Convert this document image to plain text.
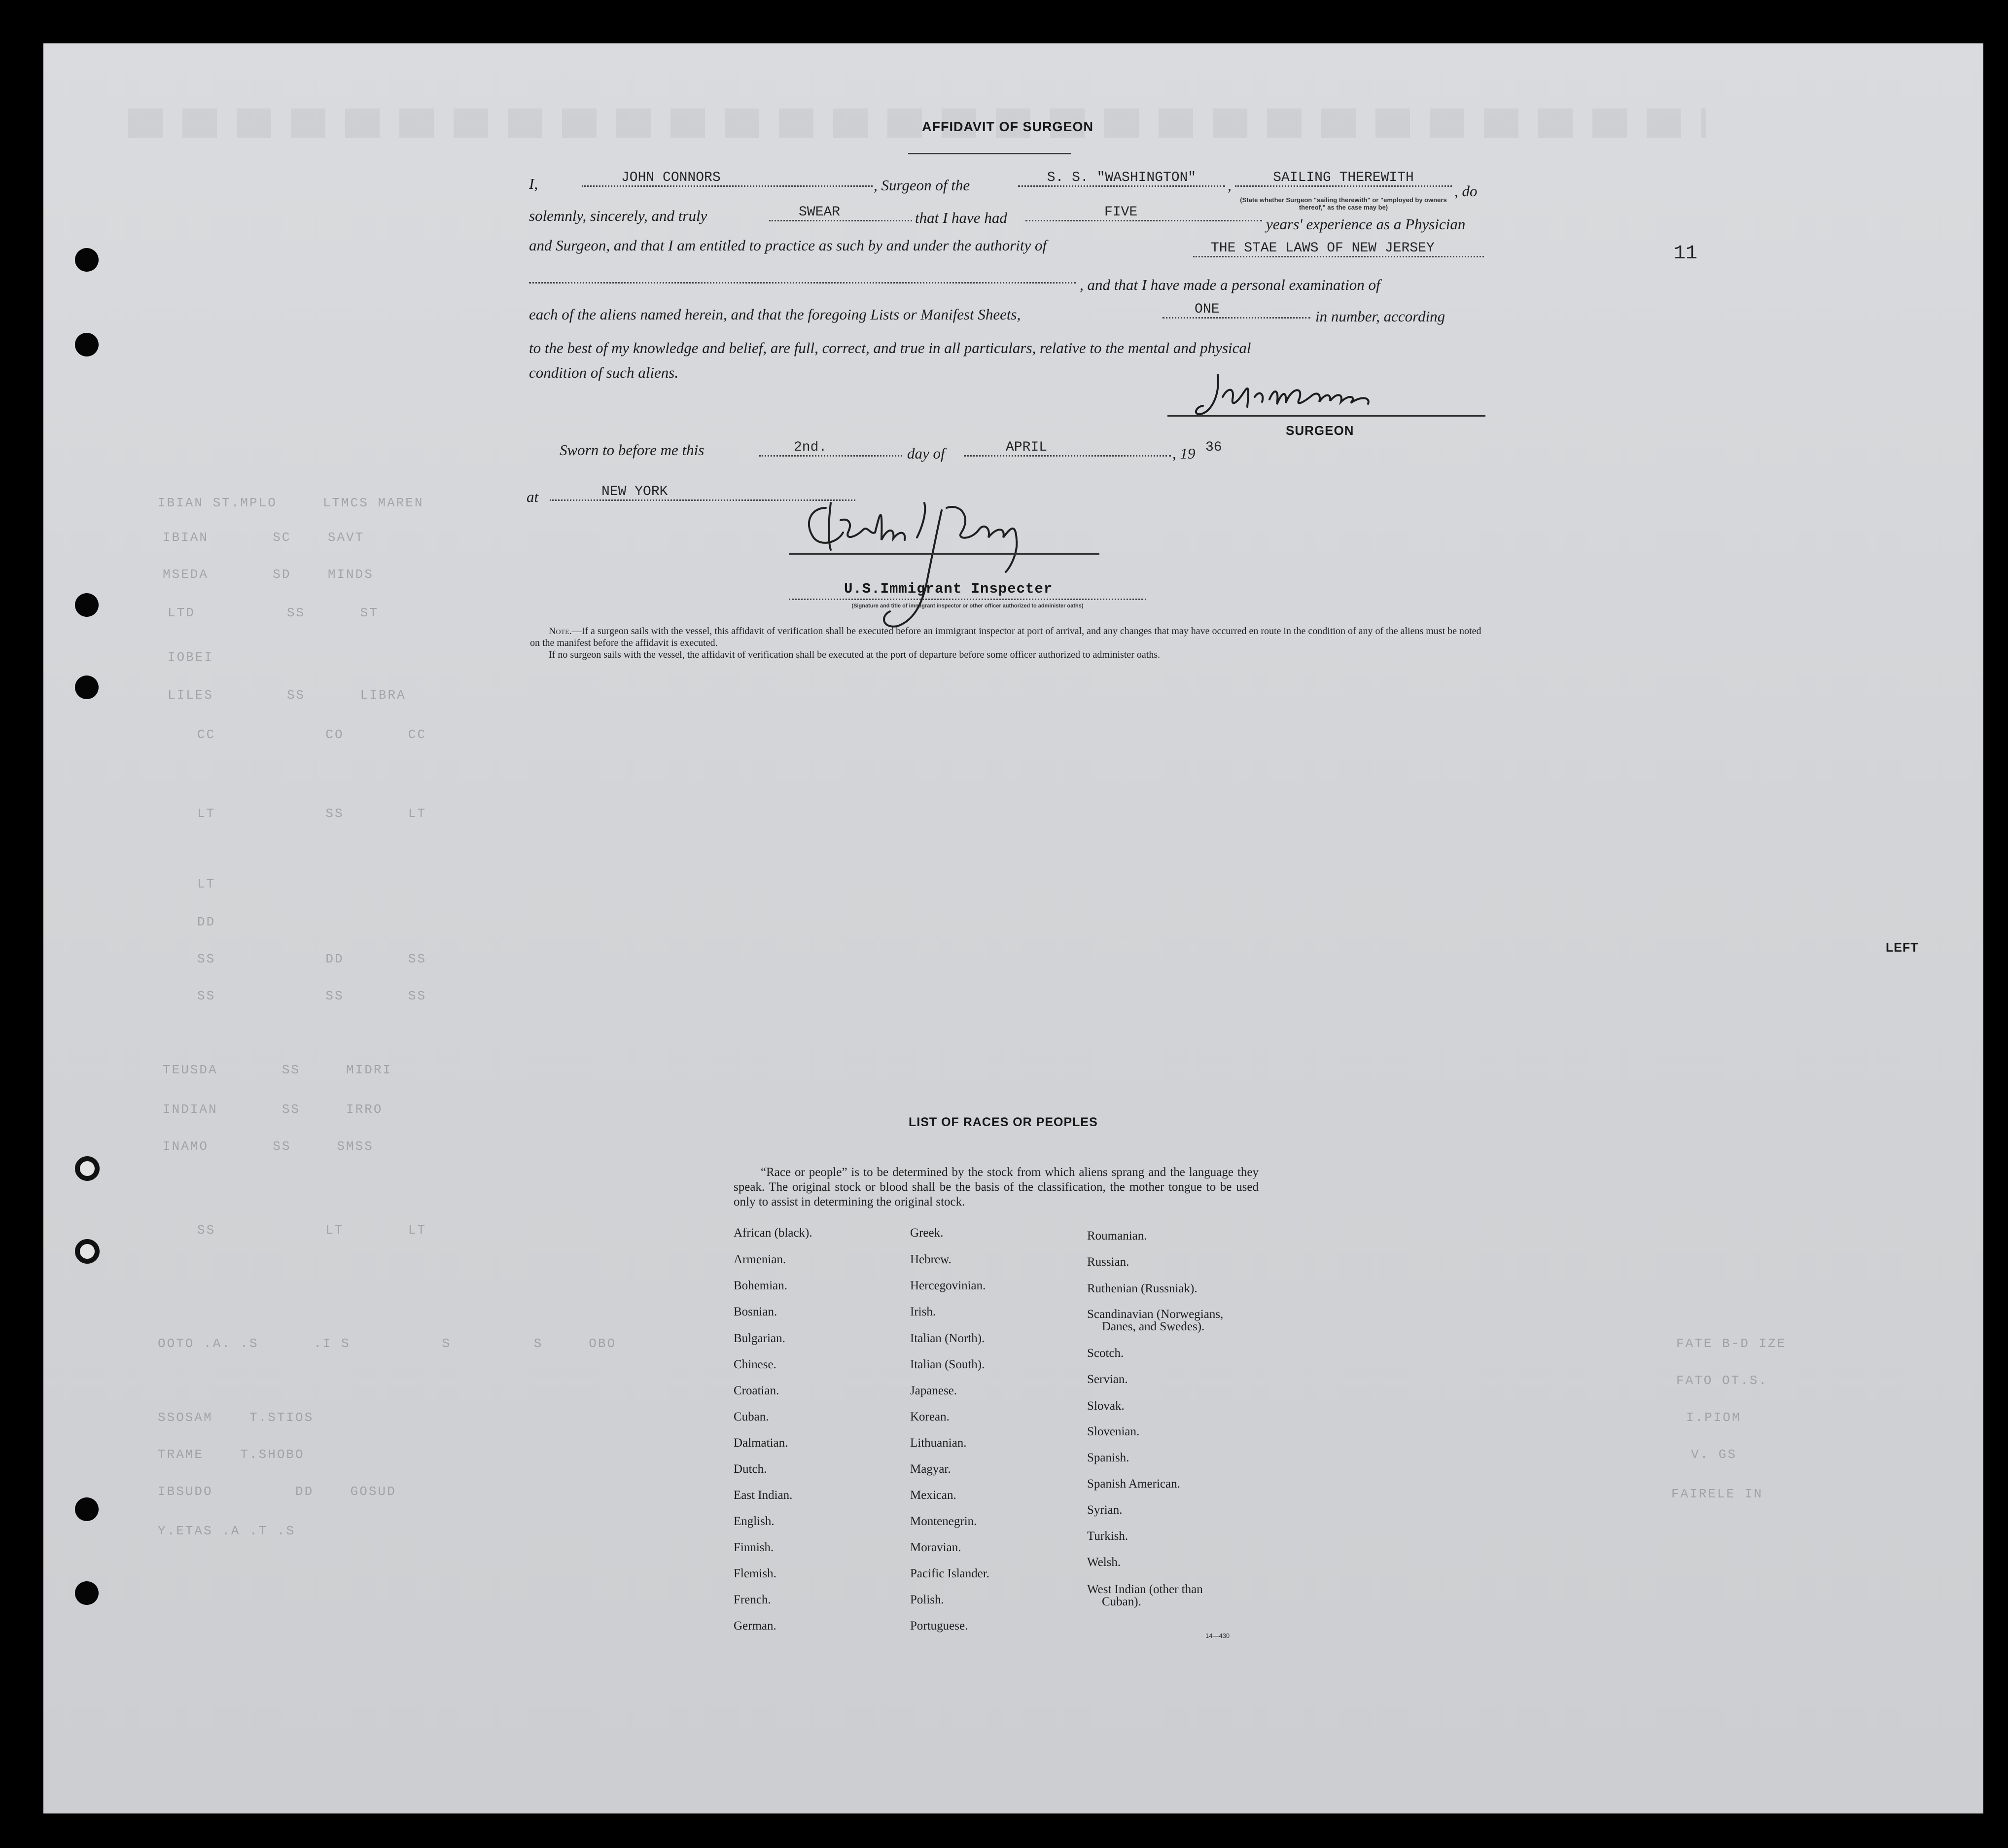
IBIAN ST.MPLO     LTMCS MAREN
IBIAN       SC    SAVT
MSEDA       SD    MINDS
LTD          SS      ST
IOBEI
LILES        SS      LIBRA
CC            CO       CC
LT            SS       LT
LT
DD
SS            DD       SS
SS            SS       SS
TEUSDA       SS     MIDRI
INDIAN       SS     IRRO
INAMO       SS     SMSS
SS            LT       LT
OOTO .A. .S      .I S          S         S     OBO
SSOSAM    T.STIOS
TRAME    T.SHOBO
IBSUDO         DD    GOSUD
Y.ETAS .A .T .S
FATE B-D IZE
FATO OT.S.
I.PIOM
V. GS
FAIRELE IN
AFFIDAVIT OF SURGEON
I,	JOHN CONNORS	, Surgeon of the	S. S. "WASHINGTON"	,	SAILING THEREWITH
, do
(State whether Surgeon "sailing therewith" or "employed by owners thereof," as the case may be)
solemnly, sincerely, and truly	SWEAR	that I have had	FIVE
years' experience as a Physician
and Surgeon, and that I am entitled to practice as such by and under the authority of	THE STAE LAWS OF NEW JERSEY	11
, and that I have made a personal examination of
each of the aliens named herein, and that the foregoing Lists or Manifest Sheets,	ONE	in number, according
to the best of my knowledge and belief, are full, correct, and true in all particulars, relative to the mental and physical
condition of such aliens.
SURGEON
Sworn to before me this	2nd.	day of	APRIL	, 19 36
at	NEW YORK
U.S.Immigrant Inspecter
(Signature and title of immigrant inspector or other officer authorized to administer oaths)
Note.—If a surgeon sails with the vessel, this affidavit of verification shall be executed before an immigrant inspector at port of arrival, and any changes that may have occurred en route in the condition of any of the aliens must be noted on the manifest before the affidavit is executed.
If no surgeon sails with the vessel, the affidavit of verification shall be executed at the port of departure before some officer authorized to administer oaths.
LEFT
LIST OF RACES OR PEOPLES
“Race or people” is to be determined by the stock from which aliens sprang and the language they speak. The original stock or blood shall be the basis of the classification, the mother tongue to be used only to assist in determining the original stock.
African (black).
Armenian.
Bohemian.
Bosnian.
Bulgarian.
Chinese.
Croatian.
Cuban.
Dalmatian.
Dutch.
East Indian.
English.
Finnish.
Flemish.
French.
German.
Greek.
Hebrew.
Hercegovinian.
Irish.
Italian (North).
Italian (South).
Japanese.
Korean.
Lithuanian.
Magyar.
Mexican.
Montenegrin.
Moravian.
Pacific Islander.
Polish.
Portuguese.
Roumanian.
Russian.
Ruthenian (Russniak).
Scandinavian (Norwegians,
Danes, and Swedes).
Scotch.
Servian.
Slovak.
Slovenian.
Spanish.
Spanish American.
Syrian.
Turkish.
Welsh.
West Indian (other than
Cuban).
14—430
